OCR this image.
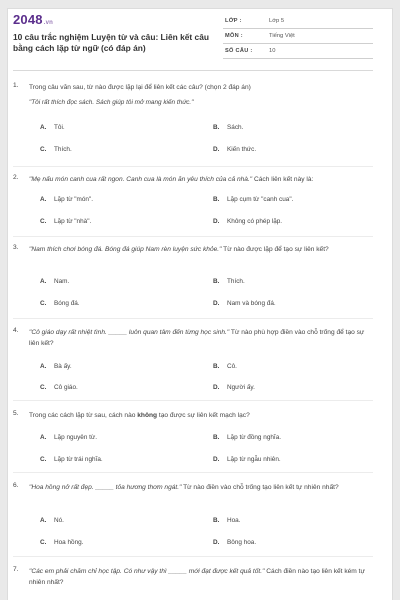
2048.vn
10 câu trắc nghiệm Luyện từ và câu: Liên kết câu bằng cách lặp từ ngữ (có đáp án)
LỚP :	Lớp 5
MÔN :	Tiếng Việt
SỐ CÂU :	10
1. Trong câu văn sau, từ nào được lặp lại để liên kết các câu? (chọn 2 đáp án)
"Tôi rất thích đọc sách. Sách giúp tôi mở mang kiến thức."
A. Tôi.	B. Sách.
C. Thích.	D. Kiến thức.
2. "Mẹ nấu món canh cua rất ngon. Canh cua là món ăn yêu thích của cả nhà." Cách liên kết này là:
A. Lặp từ "món".	B. Lặp cụm từ "canh cua".
C. Lặp từ "nhà".	D. Không có phép lặp.
3. "Nam thích chơi bóng đá. Bóng đá giúp Nam rèn luyện sức khỏe." Từ nào được lặp để tạo sự liên kết?
A. Nam.	B. Thích.
C. Bóng đá.	D. Nam và bóng đá.
4. "Cô giáo dạy rất nhiệt tình. _____ luôn quan tâm đến từng học sinh." Từ nào phù hợp điền vào chỗ trống để tạo sự liên kết?
A. Bà ấy.	B. Cô.
C. Cô giáo.	D. Người ấy.
5. Trong các cách lặp từ sau, cách nào không tạo được sự liên kết mạch lạc?
A. Lặp nguyên từ.	B. Lặp từ đồng nghĩa.
C. Lặp từ trái nghĩa.	D. Lặp từ ngẫu nhiên.
6. "Hoa hồng nở rất đẹp. _____ tỏa hương thơm ngát." Từ nào điền vào chỗ trống tạo liên kết tự nhiên nhất?
A. Nó.	B. Hoa.
C. Hoa hồng.	D. Bông hoa.
7. "Các em phải chăm chỉ học tập. Có như vậy thì _____ mới đạt được kết quả tốt." Cách điền nào tạo liên kết kém tự nhiên nhất?
